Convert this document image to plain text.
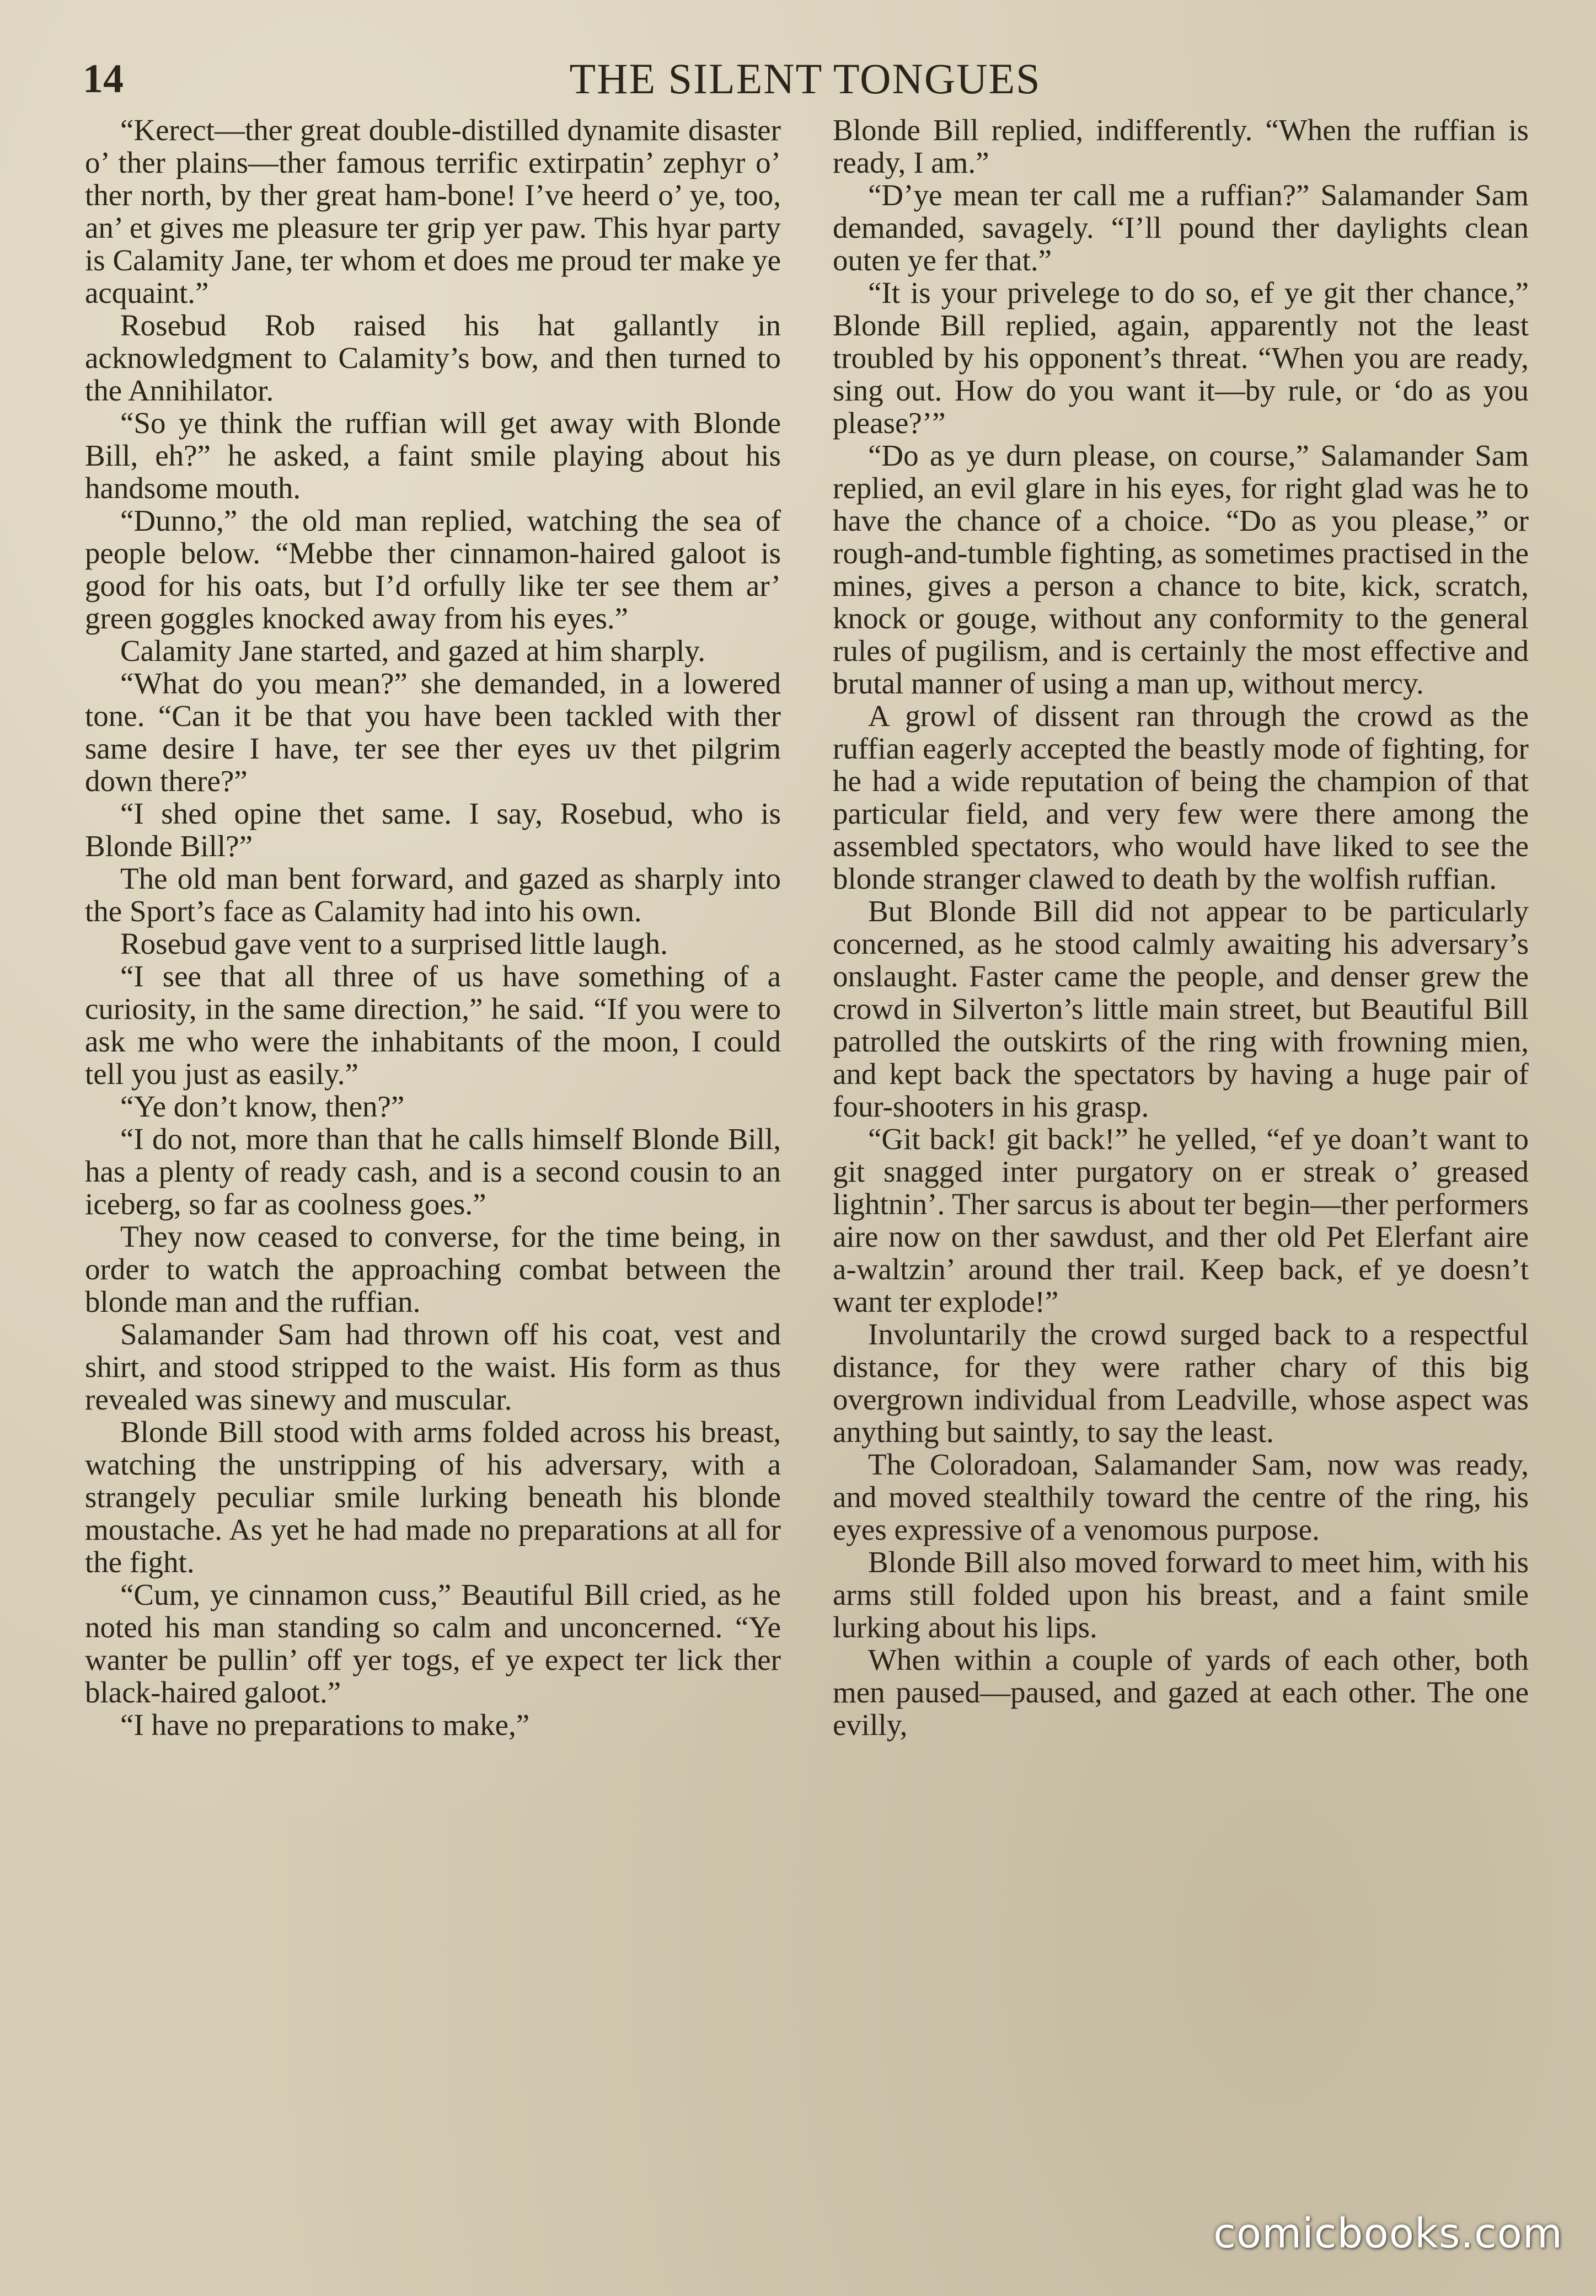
14	THE SILENT TONGUES

“Kerect—ther great double-distilled dynamite disaster o’ ther plains—ther famous terrific extirpatin’ zephyr o’ ther north, by ther great ham-bone! I’ve heerd o’ ye, too, an’ et gives me pleasure ter grip yer paw. This hyar party is Calamity Jane, ter whom et does me proud ter make ye acquaint.”

Rosebud Rob raised his hat gallantly in acknowledgment to Calamity’s bow, and then turned to the Annihilator.

“So ye think the ruffian will get away with Blonde Bill, eh?” he asked, a faint smile playing about his handsome mouth.

“Dunno,” the old man replied, watching the sea of people below. “Mebbe ther cinnamon-haired galoot is good for his oats, but I’d orfully like ter see them ar’ green goggles knocked away from his eyes.”

Calamity Jane started, and gazed at him sharply.

“What do you mean?” she demanded, in a lowered tone. “Can it be that you have been tackled with ther same desire I have, ter see ther eyes uv thet pilgrim down there?”

“I shed opine thet same. I say, Rosebud, who is Blonde Bill?”

The old man bent forward, and gazed as sharply into the Sport’s face as Calamity had into his own.

Rosebud gave vent to a surprised little laugh.

“I see that all three of us have something of a curiosity, in the same direction,” he said. “If you were to ask me who were the inhabitants of the moon, I could tell you just as easily.”

“Ye don’t know, then?”

“I do not, more than that he calls himself Blonde Bill, has a plenty of ready cash, and is a second cousin to an iceberg, so far as coolness goes.”

They now ceased to converse, for the time being, in order to watch the approaching combat between the blonde man and the ruffian.

Salamander Sam had thrown off his coat, vest and shirt, and stood stripped to the waist. His form as thus revealed was sinewy and muscular.

Blonde Bill stood with arms folded across his breast, watching the unstripping of his adversary, with a strangely peculiar smile lurking beneath his blonde moustache. As yet he had made no preparations at all for the fight.

“Cum, ye cinnamon cuss,” Beautiful Bill cried, as he noted his man standing so calm and unconcerned. “Ye wanter be pullin’ off yer togs, ef ye expect ter lick ther black-haired galoot.”

“I have no preparations to make,”

Blonde Bill replied, indifferently. “When the ruffian is ready, I am.”

“D’ye mean ter call me a ruffian?” Salamander Sam demanded, savagely. “I’ll pound ther daylights clean outen ye fer that.”

“It is your privelege to do so, ef ye git ther chance,” Blonde Bill replied, again, apparently not the least troubled by his opponent’s threat. “When you are ready, sing out. How do you want it—by rule, or ‘do as you please?’”

“Do as ye durn please, on course,” Salamander Sam replied, an evil glare in his eyes, for right glad was he to have the chance of a choice. “Do as you please,” or rough-and-tumble fighting, as sometimes practised in the mines, gives a person a chance to bite, kick, scratch, knock or gouge, without any conformity to the general rules of pugilism, and is certainly the most effective and brutal manner of using a man up, without mercy.

A growl of dissent ran through the crowd as the ruffian eagerly accepted the beastly mode of fighting, for he had a wide reputation of being the champion of that particular field, and very few were there among the assembled spectators, who would have liked to see the blonde stranger clawed to death by the wolfish ruffian.

But Blonde Bill did not appear to be particularly concerned, as he stood calmly awaiting his adversary’s onslaught. Faster came the people, and denser grew the crowd in Silverton’s little main street, but Beautiful Bill patrolled the outskirts of the ring with frowning mien, and kept back the spectators by having a huge pair of four-shooters in his grasp.

“Git back! git back!” he yelled, “ef ye doan’t want to git snagged inter purgatory on er streak o’ greased lightnin’. Ther sarcus is about ter begin—ther performers aire now on ther sawdust, and ther old Pet Elerfant aire a-waltzin’ around ther trail. Keep back, ef ye doesn’t want ter explode!”

Involuntarily the crowd surged back to a respectful distance, for they were rather chary of this big overgrown individual from Leadville, whose aspect was anything but saintly, to say the least.

The Coloradoan, Salamander Sam, now was ready, and moved stealthily toward the centre of the ring, his eyes expressive of a venomous purpose.

Blonde Bill also moved forward to meet him, with his arms still folded upon his breast, and a faint smile lurking about his lips.

When within a couple of yards of each other, both men paused—paused, and gazed at each other. The one evilly,

comicbooks.com
